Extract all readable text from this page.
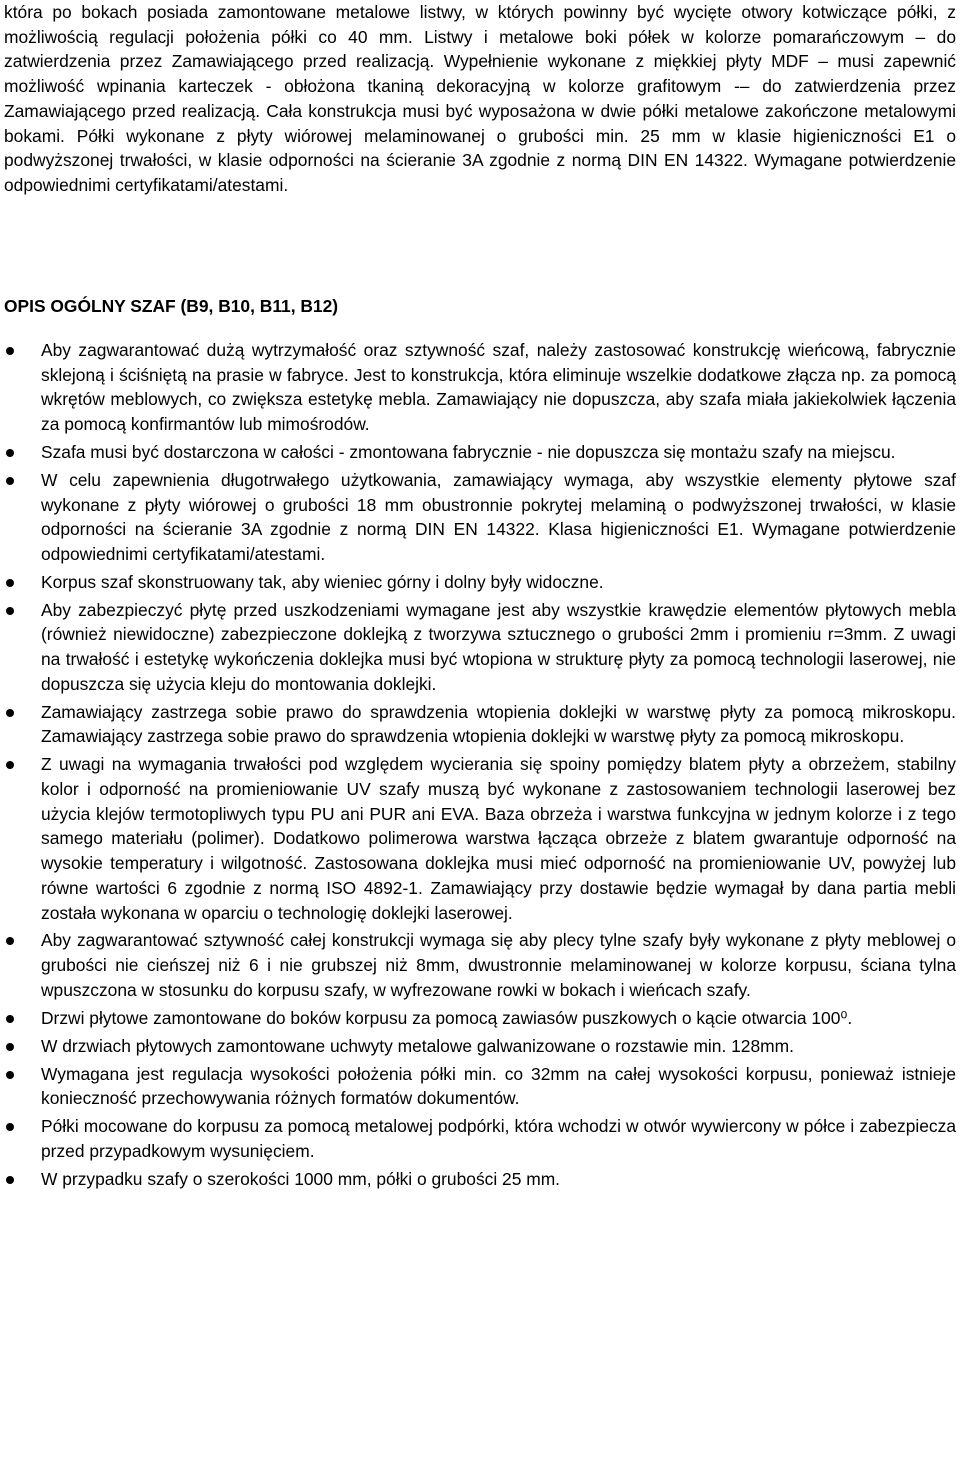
która po bokach posiada zamontowane metalowe listwy, w których powinny być wycięte otwory kotwiczące półki, z możliwością regulacji położenia półki co 40 mm. Listwy i metalowe boki półek w kolorze pomarańczowym – do zatwierdzenia przez Zamawiającego przed realizacją. Wypełnienie wykonane z miękkiej płyty MDF – musi zapewnić możliwość wpinania karteczek - obłożona tkaniną dekoracyjną w kolorze grafitowym -– do zatwierdzenia przez Zamawiającego przed realizacją. Cała konstrukcja musi być wyposażona w dwie półki metalowe zakończone metalowymi bokami. Półki wykonane z płyty wiórowej melaminowanej o grubości min. 25 mm w klasie higieniczności E1 o podwyższonej trwałości, w klasie odporności na ścieranie 3A zgodnie z normą DIN EN 14322. Wymagane potwierdzenie odpowiednimi certyfikatami/atestami.

OPIS OGÓLNY SZAF (B9, B10, B11, B12)

Aby zagwarantować dużą wytrzymałość oraz sztywność szaf, należy zastosować konstrukcję wieńcową, fabrycznie sklejoną i ściśniętą na prasie w fabryce. Jest to konstrukcja, która eliminuje wszelkie dodatkowe złącza np. za pomocą wkrętów meblowych, co zwiększa estetykę mebla. Zamawiający nie dopuszcza, aby szafa miała jakiekolwiek łączenia za pomocą konfirmantów lub mimośrodów.
Szafa musi być dostarczona w całości - zmontowana fabrycznie - nie dopuszcza się montażu szafy na miejscu.
W celu zapewnienia długotrwałego użytkowania, zamawiający wymaga, aby wszystkie elementy płytowe szaf wykonane z płyty wiórowej o grubości 18 mm obustronnie pokrytej melaminą o podwyższonej trwałości, w klasie odporności na ścieranie 3A zgodnie z normą DIN EN 14322. Klasa higieniczności E1. Wymagane potwierdzenie odpowiednimi certyfikatami/atestami.
Korpus szaf skonstruowany tak, aby wieniec górny i dolny były widoczne.
Aby zabezpieczyć płytę przed uszkodzeniami wymagane jest aby wszystkie krawędzie elementów płytowych mebla (również niewidoczne) zabezpieczone doklejką z tworzywa sztucznego o grubości 2mm i promieniu r=3mm. Z uwagi na trwałość i estetykę wykończenia doklejka musi być wtopiona w strukturę płyty za pomocą technologii laserowej, nie dopuszcza się użycia kleju do montowania doklejki.
Zamawiający zastrzega sobie prawo do sprawdzenia wtopienia doklejki w warstwę płyty za pomocą mikroskopu. Zamawiający zastrzega sobie prawo do sprawdzenia wtopienia doklejki w warstwę płyty za pomocą mikroskopu.
Z uwagi na wymagania trwałości pod względem wycierania się spoiny pomiędzy blatem płyty a obrzeżem, stabilny kolor i odporność na promieniowanie UV szafy muszą być wykonane z zastosowaniem technologii laserowej bez użycia klejów termotopliwych typu PU ani PUR ani EVA. Baza obrzeża i warstwa funkcyjna w jednym kolorze i z tego samego materiału (polimer). Dodatkowo polimerowa warstwa łącząca obrzeże z blatem gwarantuje odporność na wysokie temperatury i wilgotność. Zastosowana doklejka musi mieć odporność na promieniowanie UV, powyżej lub równe wartości 6 zgodnie z normą ISO 4892-1. Zamawiający przy dostawie będzie wymagał by dana partia mebli została wykonana w oparciu o technologię doklejki laserowej.
Aby zagwarantować sztywność całej konstrukcji wymaga się aby plecy tylne szafy były wykonane z płyty meblowej o grubości nie cieńszej niż 6 i nie grubszej niż 8mm, dwustronnie melaminowanej w kolorze korpusu, ściana tylna wpuszczona w stosunku do korpusu szafy, w wyfrezowane rowki w bokach i wieńcach szafy.
Drzwi płytowe zamontowane do boków korpusu za pomocą zawiasów puszkowych o kącie otwarcia 100⁰.
W drzwiach płytowych zamontowane uchwyty metalowe galwanizowane o rozstawie min. 128mm.
Wymagana jest regulacja wysokości położenia półki min. co 32mm na całej wysokości korpusu, ponieważ istnieje konieczność przechowywania różnych formatów dokumentów.
Półki mocowane do korpusu za pomocą metalowej podpórki, która wchodzi w otwór wywiercony w półce i zabezpiecza przed przypadkowym wysunięciem.
W przypadku szafy o szerokości 1000 mm, półki o grubości 25 mm.
